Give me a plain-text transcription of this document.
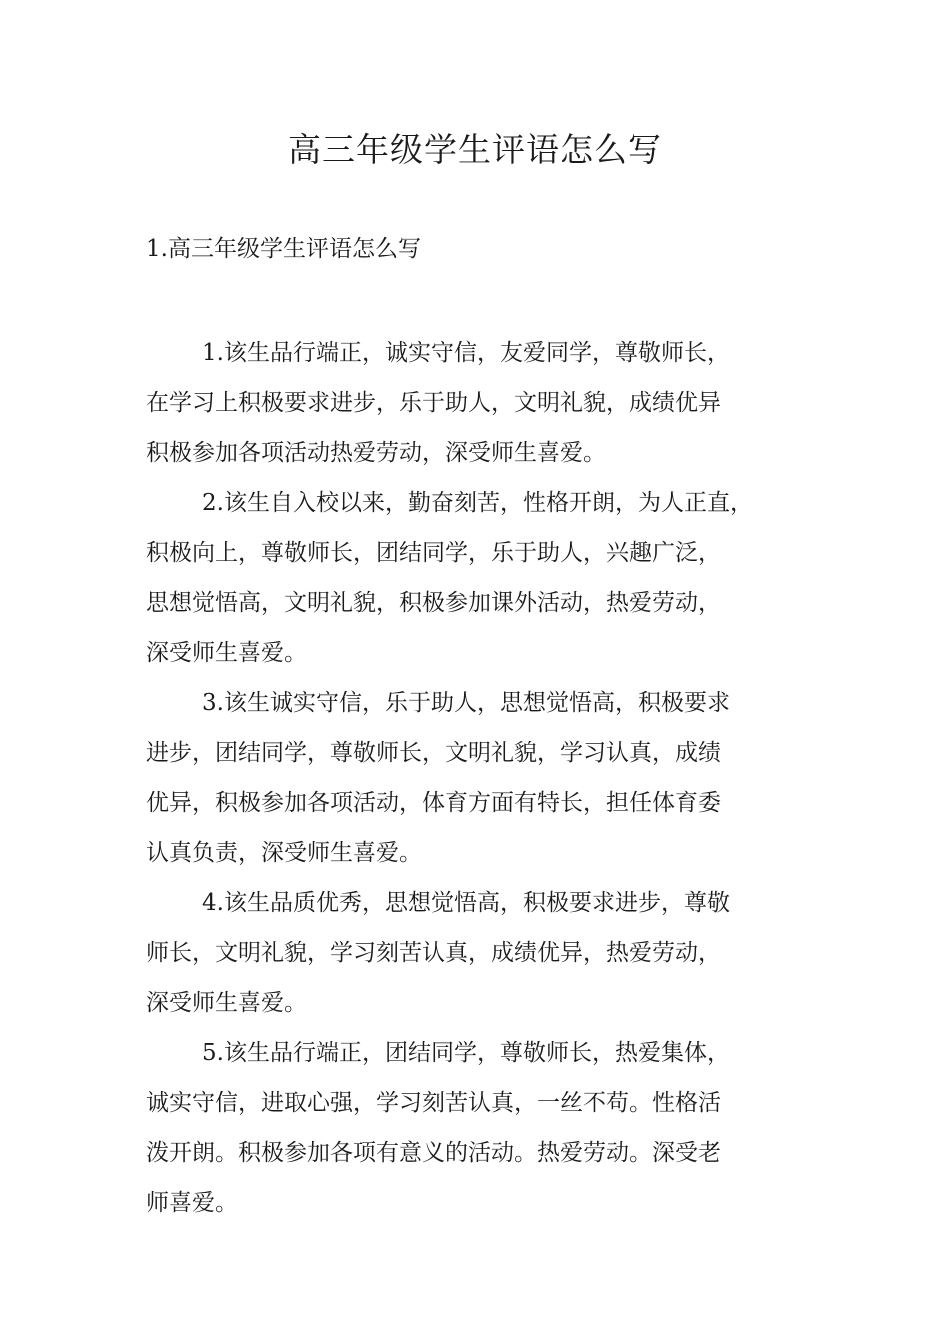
高三年级学生评语怎么写

1.高三年级学生评语怎么写

1.该生品行端正，诚实守信，友爱同学，尊敬师长，
在学习上积极要求进步，乐于助人，文明礼貌，成绩优异
积极参加各项活动热爱劳动，深受师生喜爱。
2.该生自入校以来，勤奋刻苦，性格开朗，为人正直，
积极向上，尊敬师长，团结同学，乐于助人，兴趣广泛，
思想觉悟高，文明礼貌，积极参加课外活动，热爱劳动，
深受师生喜爱。
3.该生诚实守信，乐于助人，思想觉悟高，积极要求
进步，团结同学，尊敬师长，文明礼貌，学习认真，成绩
优异，积极参加各项活动，体育方面有特长，担任体育委
认真负责，深受师生喜爱。
4.该生品质优秀，思想觉悟高，积极要求进步，尊敬
师长，文明礼貌，学习刻苦认真，成绩优异，热爱劳动，
深受师生喜爱。
5.该生品行端正，团结同学，尊敬师长，热爱集体，
诚实守信，进取心强，学习刻苦认真，一丝不苟。性格活
泼开朗。积极参加各项有意义的活动。热爱劳动。深受老
师喜爱。
